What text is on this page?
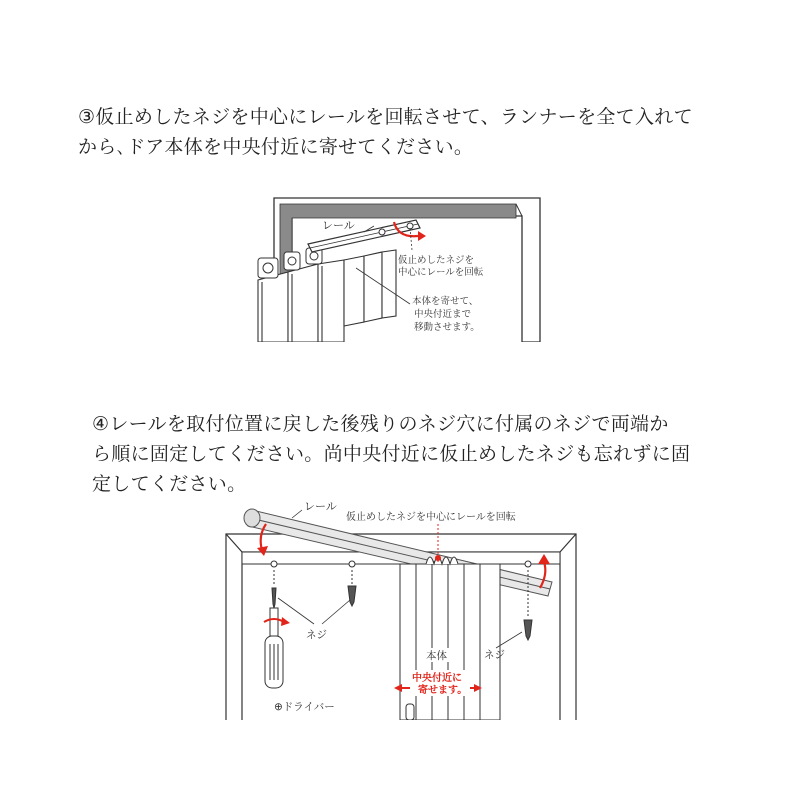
③仮止めしたネジを中心にレールを回転させて、ランナーを全て入れて
から､ドア本体を中央付近に寄せてください。
レール
仮止めしたネジを
中心にレールを回転
本体を寄せて、
中央付近まで
移動させます。
④レールを取付位置に戻した後残りのネジ穴に付属のネジで両端か
ら順に固定してください。尚中央付近に仮止めしたネジも忘れずに固
定してください。
レール
仮止めしたネジを中心にレールを回転
ネジ
ネジ
本体
中央付近に
寄せます。
⊕ドライバー
